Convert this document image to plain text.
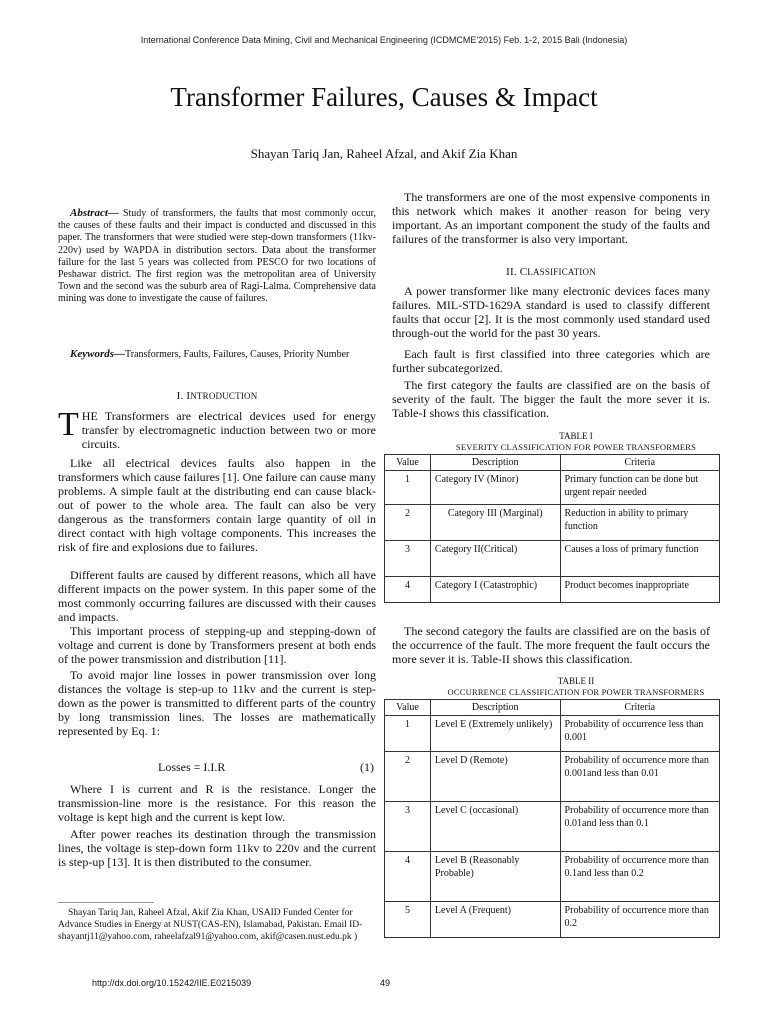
International Conference Data Mining, Civil and Mechanical Engineering (ICDMCME'2015) Feb. 1-2, 2015 Bali (Indonesia)
Transformer Failures, Causes & Impact
Shayan Tariq Jan, Raheel Afzal, and Akif Zia Khan
Abstract— Study of transformers, the faults that most commonly occur, the causes of these faults and their impact is conducted and discussed in this paper. The transformers that were studied were step-down transformers (11kv-220v) used by WAPDA in distribution sectors. Data about the transformer failure for the last 5 years was collected from PESCO for two locations of Peshawar district. The first region was the metropolitan area of University Town and the second was the suburb area of Ragi-Lalma. Comprehensive data mining was done to investigate the cause of failures.
Keywords—Transformers, Faults, Failures, Causes, Priority Number
I. INTRODUCTION
THE Transformers are electrical devices used for energy transfer by electromagnetic induction between two or more circuits.
Like all electrical devices faults also happen in the transformers which cause failures [1]. One failure can cause many problems. A simple fault at the distributing end can cause black-out of power to the whole area. The fault can also be very dangerous as the transformers contain large quantity of oil in direct contact with high voltage components. This increases the risk of fire and explosions due to failures.
Different faults are caused by different reasons, which all have different impacts on the power system. In this paper some of the most commonly occurring failures are discussed with their causes and impacts.
This important process of stepping-up and stepping-down of voltage and current is done by Transformers present at both ends of the power transmission and distribution [11].
To avoid major line losses in power transmission over long distances the voltage is step-up to 11kv and the current is step-down as the power is transmitted to different parts of the country by long transmission lines. The losses are mathematically represented by Eq. 1:
Losses = I.I.R	(1)
Where I is current and R is the resistance. Longer the transmission-line more is the resistance. For this reason the voltage is kept high and the current is kept low.
After power reaches its destination through the transmission lines, the voltage is step-down form 11kv to 220v and the current is step-up [13]. It is then distributed to the consumer.
Shayan Tariq Jan, Raheel Afzal, Akif Zia Khan, USAID Funded Center for Advance Studies in Energy at NUST(CAS-EN), Islamabad, Pakistan. Email ID- shayantj11@yahoo.com, raheelafzal91@yahoo.com, akif@casen.nust.edu.pk )
The transformers are one of the most expensive components in this network which makes it another reason for being very important. As an important component the study of the faults and failures of the transformer is also very important.
II. CLASSIFICATION
A power transformer like many electronic devices faces many failures. MIL-STD-1629A standard is used to classify different faults that occur [2]. It is the most commonly used standard used through-out the world for the past 30 years.
Each fault is first classified into three categories which are further subcategorized.
The first category the faults are classified are on the basis of severity of the fault. The bigger the fault the more sever it is. Table-I shows this classification.
TABLE I
SEVERITY CLASSIFICATION FOR POWER TRANSFORMERS
Value	Description	Criteria
1	Category IV (Minor)	Primary function can be done but urgent repair needed
2	Category III (Marginal)	Reduction in ability to primary function
3	Category II(Critical)	Causes a loss of primary function
4	Category I (Catastrophic)	Product becomes inappropriate
The second category the faults are classified are on the basis of the occurrence of the fault. The more frequent the fault occurs the more sever it is. Table-II shows this classification.
TABLE II
OCCURRENCE CLASSIFICATION FOR POWER TRANSFORMERS
Value	Description	Criteria
1	Level E (Extremely unlikely)	Probability of occurrence less than 0.001
2	Level D (Remote)	Probability of occurrence more than 0.001and less than 0.01
3	Level C (occasional)	Probability of occurrence more than 0.01and less than 0.1
4	Level B (Reasonably Probable)	Probability of occurrence more than 0.1and less than 0.2
5	Level A (Frequent)	Probability of occurrence more than 0.2
http://dx.doi.org/10.15242/IIE.E0215039	49
